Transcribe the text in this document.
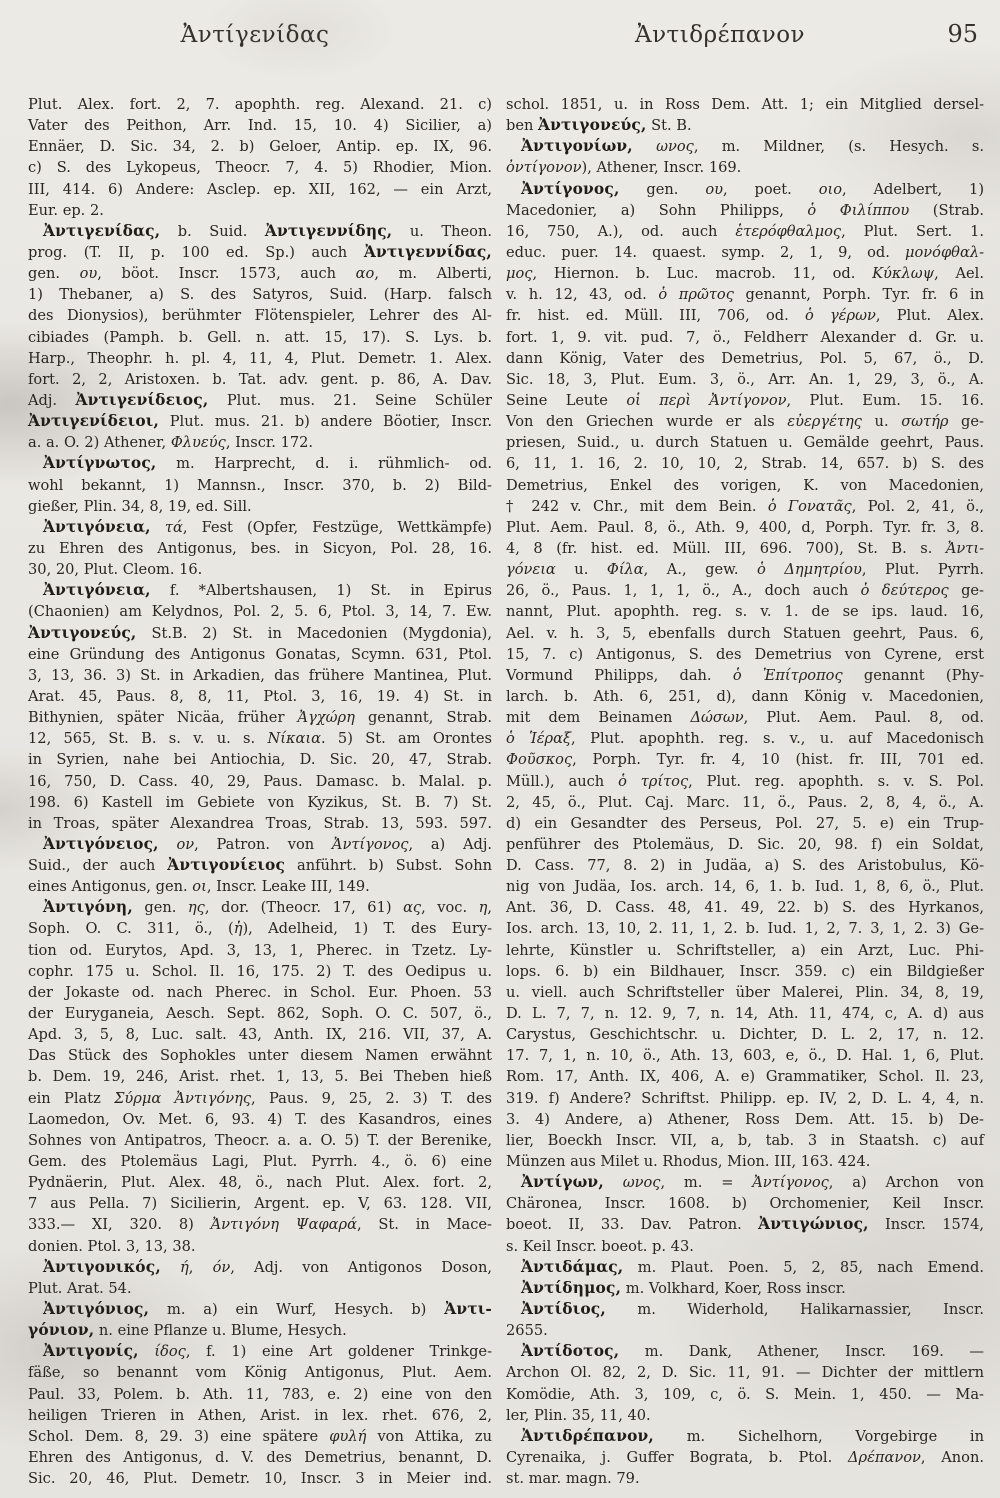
Ἀντίγενίδας	Ἀντιδρέπανον	95
Plut. Alex. fort. 2, 7. apophth. reg. Alexand. 21. c)
Vater des Peithon, Arr. Ind. 15, 10. 4) Sicilier, a)
Ennäer, D. Sic. 34, 2. b) Geloer, Antip. ep. IX, 96.
c) S. des Lykopeus, Theocr. 7, 4. 5) Rhodier, Mion.
III, 414. 6) Andere: Asclep. ep. XII, 162, — ein Arzt,
Eur. ep. 2.
Ἀντιγενίδας, b. Suid. Ἀντιγεννίδης, u. Theon.
prog. (T. II, p. 100 ed. Sp.) auch Ἀντιγεννίδας,
gen. ου, böot. Inscr. 1573, auch αο, m. Alberti,
1) Thebaner, a) S. des Satyros, Suid. (Harp. falsch
des Dionysios), berühmter Flötenspieler, Lehrer des Al-
cibiades (Pamph. b. Gell. n. att. 15, 17). S. Lys. b.
Harp., Theophr. h. pl. 4, 11, 4, Plut. Demetr. 1. Alex.
fort. 2, 2, Aristoxen. b. Tat. adv. gent. p. 86, A. Dav.
Adj. Ἀντιγενίδειος, Plut. mus. 21. Seine Schüler
Ἀντιγενίδειοι, Plut. mus. 21. b) andere Böotier, Inscr.
a. a. O. 2) Athener, Φλυεύς, Inscr. 172.
Ἀντίγνωτος, m. Harprecht, d. i. rühmlich- od.
wohl bekannt, 1) Mannsn., Inscr. 370, b. 2) Bild-
gießer, Plin. 34, 8, 19, ed. Sill.
Ἀντιγόνεια, τά, Fest (Opfer, Festzüge, Wettkämpfe)
zu Ehren des Antigonus, bes. in Sicyon, Pol. 28, 16.
30, 20, Plut. Cleom. 16.
Ἀντιγόνεια, f. *Albertshausen, 1) St. in Epirus
(Chaonien) am Kelydnos, Pol. 2, 5. 6, Ptol. 3, 14, 7. Ew.
Ἀντιγονεύς, St.B. 2) St. in Macedonien (Mygdonia),
eine Gründung des Antigonus Gonatas, Scymn. 631, Ptol.
3, 13, 36. 3) St. in Arkadien, das frühere Mantinea, Plut.
Arat. 45, Paus. 8, 8, 11, Ptol. 3, 16, 19. 4) St. in
Bithynien, später Nicäa, früher Ἀγχώρη genannt, Strab.
12, 565, St. B. s. v. u. s. Νίκαια. 5) St. am Orontes
in Syrien, nahe bei Antiochia, D. Sic. 20, 47, Strab.
16, 750, D. Cass. 40, 29, Paus. Damasc. b. Malal. p.
198. 6) Kastell im Gebiete von Kyzikus, St. B. 7) St.
in Troas, später Alexandrea Troas, Strab. 13, 593. 597.
Ἀντιγόνειος, ον, Patron. von Ἀντίγονος, a) Adj.
Suid., der auch Ἀντιγονίειος anführt. b) Subst. Sohn
eines Antigonus, gen. οι, Inscr. Leake III, 149.
Ἀντιγόνη, gen. ης, dor. (Theocr. 17, 61) ας, voc. η,
Soph. O. C. 311, ö., (ἡ), Adelheid, 1) T. des Eury-
tion od. Eurytos, Apd. 3, 13, 1, Pherec. in Tzetz. Ly-
cophr. 175 u. Schol. Il. 16, 175. 2) T. des Oedipus u.
der Jokaste od. nach Pherec. in Schol. Eur. Phoen. 53
der Euryganeia, Aesch. Sept. 862, Soph. O. C. 507, ö.,
Apd. 3, 5, 8, Luc. salt. 43, Anth. IX, 216. VII, 37, A.
Das Stück des Sophokles unter diesem Namen erwähnt
b. Dem. 19, 246, Arist. rhet. 1, 13, 5. Bei Theben hieß
ein Platz Σύρμα Ἀντιγόνης, Paus. 9, 25, 2. 3) T. des
Laomedon, Ov. Met. 6, 93. 4) T. des Kasandros, eines
Sohnes von Antipatros, Theocr. a. a. O. 5) T. der Berenike,
Gem. des Ptolemäus Lagi, Plut. Pyrrh. 4., ö. 6) eine
Pydnäerin, Plut. Alex. 48, ö., nach Plut. Alex. fort. 2,
7 aus Pella. 7) Sicilierin, Argent. ep. V, 63. 128. VII,
333.— XI, 320. 8) Ἀντιγόνη Ψαφαρά, St. in Mace-
donien. Ptol. 3, 13, 38.
Ἀντιγονικός, ή, όν, Adj. von Antigonos Doson,
Plut. Arat. 54.
Ἀντιγόνιος, m. a) ein Wurf, Hesych. b) Ἀντι-
γόνιον, n. eine Pflanze u. Blume, Hesych.
Ἀντιγονίς, ίδος, f. 1) eine Art goldener Trinkge-
fäße, so benannt vom König Antigonus, Plut. Aem.
Paul. 33, Polem. b. Ath. 11, 783, e. 2) eine von den
heiligen Trieren in Athen, Arist. in lex. rhet. 676, 2,
Schol. Dem. 8, 29. 3) eine spätere φυλή von Attika, zu
Ehren des Antigonus, d. V. des Demetrius, benannt, D.
Sic. 20, 46, Plut. Demetr. 10, Inscr. 3 in Meier ind.
schol. 1851, u. in Ross Dem. Att. 1; ein Mitglied dersel-
ben Ἀντιγονεύς, St. B.
Ἀντιγονίων, ωνος, m. Mildner, (s. Hesych. s.
ὀντίγονον), Athener, Inscr. 169.
Ἀντίγονος, gen. ου, poet. οιο, Adelbert, 1)
Macedonier, a) Sohn Philipps, ὁ Φιλίππου (Strab.
16, 750, A.), od. auch ἑτερόφθαλμος, Plut. Sert. 1.
educ. puer. 14. quaest. symp. 2, 1, 9, od. μονόφθαλ-
μος, Hiernon. b. Luc. macrob. 11, od. Κύκλωψ, Ael.
v. h. 12, 43, od. ὁ πρῶτος genannt, Porph. Tyr. fr. 6 in
fr. hist. ed. Müll. III, 706, od. ὁ γέρων, Plut. Alex.
fort. 1, 9. vit. pud. 7, ö., Feldherr Alexander d. Gr. u.
dann König, Vater des Demetrius, Pol. 5, 67, ö., D.
Sic. 18, 3, Plut. Eum. 3, ö., Arr. An. 1, 29, 3, ö., A.
Seine Leute οἱ περὶ Ἀντίγονον, Plut. Eum. 15. 16.
Von den Griechen wurde er als εὐεργέτης u. σωτήρ ge-
priesen, Suid., u. durch Statuen u. Gemälde geehrt, Paus.
6, 11, 1. 16, 2. 10, 10, 2, Strab. 14, 657. b) S. des
Demetrius, Enkel des vorigen, K. von Macedonien,
† 242 v. Chr., mit dem Bein. ὁ Γονατᾶς, Pol. 2, 41, ö.,
Plut. Aem. Paul. 8, ö., Ath. 9, 400, d, Porph. Tyr. fr. 3, 8.
4, 8 (fr. hist. ed. Müll. III, 696. 700), St. B. s. Ἀντι-
γόνεια u. Φίλα, A., gew. ὁ Δημητρίου, Plut. Pyrrh.
26, ö., Paus. 1, 1, 1, ö., A., doch auch ὁ δεύτερος ge-
nannt, Plut. apophth. reg. s. v. 1. de se ips. laud. 16,
Ael. v. h. 3, 5, ebenfalls durch Statuen geehrt, Paus. 6,
15, 7. c) Antigonus, S. des Demetrius von Cyrene, erst
Vormund Philipps, dah. ὁ Ἐπίτροπος genannt (Phy-
larch. b. Ath. 6, 251, d), dann König v. Macedonien,
mit dem Beinamen Δώσων, Plut. Aem. Paul. 8, od.
ὁ Ἱέραξ, Plut. apophth. reg. s. v., u. auf Macedonisch
Φοῦσκος, Porph. Tyr. fr. 4, 10 (hist. fr. III, 701 ed.
Müll.), auch ὁ τρίτος, Plut. reg. apophth. s. v. S. Pol.
2, 45, ö., Plut. Caj. Marc. 11, ö., Paus. 2, 8, 4, ö., A.
d) ein Gesandter des Perseus, Pol. 27, 5. e) ein Trup-
penführer des Ptolemäus, D. Sic. 20, 98. f) ein Soldat,
D. Cass. 77, 8. 2) in Judäa, a) S. des Aristobulus, Kö-
nig von Judäa, Ios. arch. 14, 6, 1. b. Iud. 1, 8, 6, ö., Plut.
Ant. 36, D. Cass. 48, 41. 49, 22. b) S. des Hyrkanos,
Ios. arch. 13, 10, 2. 11, 1, 2. b. Iud. 1, 2, 7. 3, 1, 2. 3) Ge-
lehrte, Künstler u. Schriftsteller, a) ein Arzt, Luc. Phi-
lops. 6. b) ein Bildhauer, Inscr. 359. c) ein Bildgießer
u. viell. auch Schriftsteller über Malerei, Plin. 34, 8, 19,
D. L. 7, 7, n. 12. 9, 7, n. 14, Ath. 11, 474, c, A. d) aus
Carystus, Geschichtschr. u. Dichter, D. L. 2, 17, n. 12.
17. 7, 1, n. 10, ö., Ath. 13, 603, e, ö., D. Hal. 1, 6, Plut.
Rom. 17, Anth. IX, 406, A. e) Grammatiker, Schol. Il. 23,
319. f) Andere? Schriftst. Philipp. ep. IV, 2, D. L. 4, 4, n.
3. 4) Andere, a) Athener, Ross Dem. Att. 15. b) De-
lier, Boeckh Inscr. VII, a, b, tab. 3 in Staatsh. c) auf
Münzen aus Milet u. Rhodus, Mion. III, 163. 424.
Ἀντίγων, ωνος, m. = Ἀντίγονος, a) Archon von
Chäronea, Inscr. 1608. b) Orchomenier, Keil Inscr.
boeot. II, 33. Dav. Patron. Ἀντιγώνιος, Inscr. 1574,
s. Keil Inscr. boeot. p. 43.
Ἀντιδάμας, m. Plaut. Poen. 5, 2, 85, nach Emend.
Ἀντίδημος, m. Volkhard, Koer, Ross inscr.
Ἀντίδιος, m. Widerhold, Halikarnassier, Inscr.
2655.
Ἀντίδοτος, m. Dank, Athener, Inscr. 169. —
Archon Ol. 82, 2, D. Sic. 11, 91. — Dichter der mittlern
Komödie, Ath. 3, 109, c, ö. S. Mein. 1, 450. — Ma-
ler, Plin. 35, 11, 40.
Ἀντιδρέπανον, m. Sichelhorn, Vorgebirge in
Cyrenaika, j. Guffer Bograta, b. Ptol. Δρέπανον, Anon.
st. mar. magn. 79.
